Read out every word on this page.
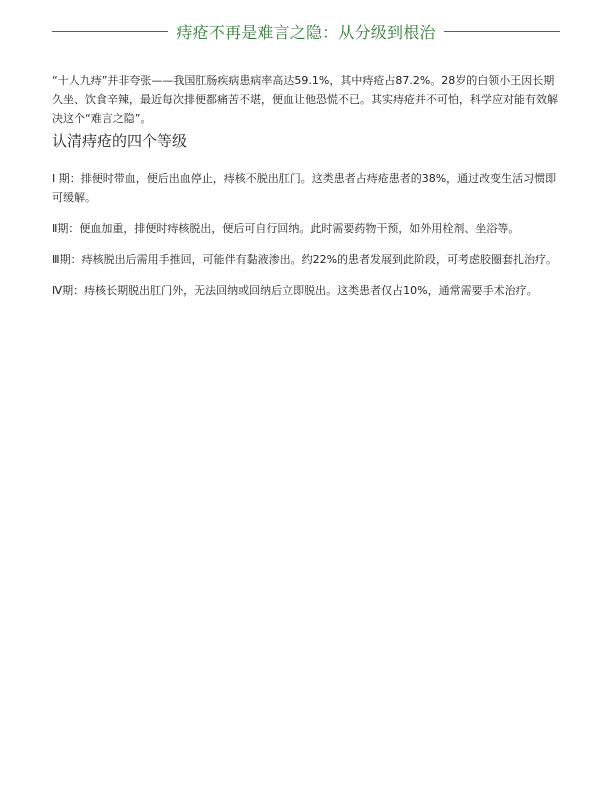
痔疮不再是难言之隐：从分级到根治

“十人九痔”并非夸张——我国肛肠疾病患病率高达59.1%，其中痔疮占87.2%。28岁的白领小王因长期久坐、饮食辛辣，最近每次排便都痛苦不堪，便血让他恐慌不已。其实痔疮并不可怕，科学应对能有效解决这个“难言之隐”。

认清痔疮的四个等级

Ⅰ 期：排便时带血，便后出血停止，痔核不脱出肛门。这类患者占痔疮患者的38%，通过改变生活习惯即可缓解。

Ⅱ期：便血加重，排便时痔核脱出，便后可自行回纳。此时需要药物干预，如外用栓剂、坐浴等。

Ⅲ期：痔核脱出后需用手推回，可能伴有黏液渗出。约22%的患者发展到此阶段，可考虑胶圈套扎治疗。

Ⅳ期：痔核长期脱出肛门外，无法回纳或回纳后立即脱出。这类患者仅占10%，通常需要手术治疗。
